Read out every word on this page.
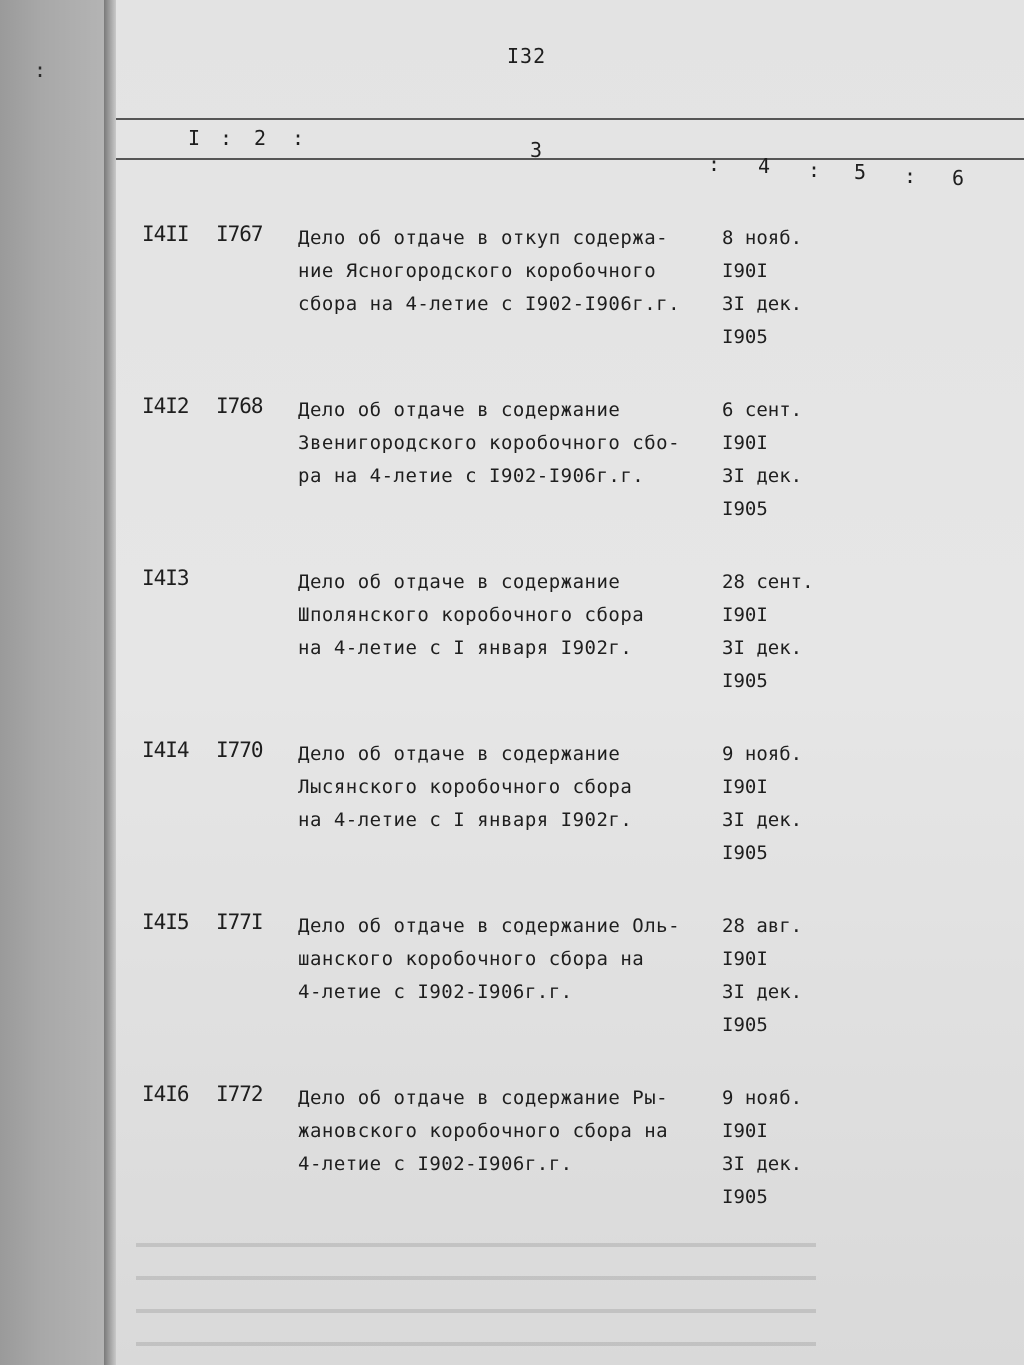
:
I32
I : 2 :	3
: 4 : 5 : 6
I4II I767 Дело об отдаче в откуп содержа-
ние Ясногородского коробочного
сбора на 4-летие с I902-I906г.г.
8 нояб.
I90I
3I дек.
I905
I4I2 I768 Дело об отдаче в содержание
Звенигородского коробочного сбо-
ра на 4-летие с I902-I906г.г.
6 сент.
I90I
3I дек.
I905
I4I3	Дело об отдаче в содержание
Шполянского коробочного сбора
на 4-летие с I января I902г.
28 сент.
I90I
3I дек.
I905
I4I4 I770 Дело об отдаче в содержание
Лысянского коробочного сбора
на 4-летие с I января I902г.
9 нояб.
I90I
3I дек.
I905
I4I5 I77I Дело об отдаче в содержание Оль-
шанского коробочного сбора на
4-летие с I902-I906г.г.
28 авг.
I90I
3I дек.
I905
I4I6 I772 Дело об отдаче в содержание Ры-
жановского коробочного сбора на
4-летие с I902-I906г.г.
9 нояб.
I90I
3I дек.
I905
